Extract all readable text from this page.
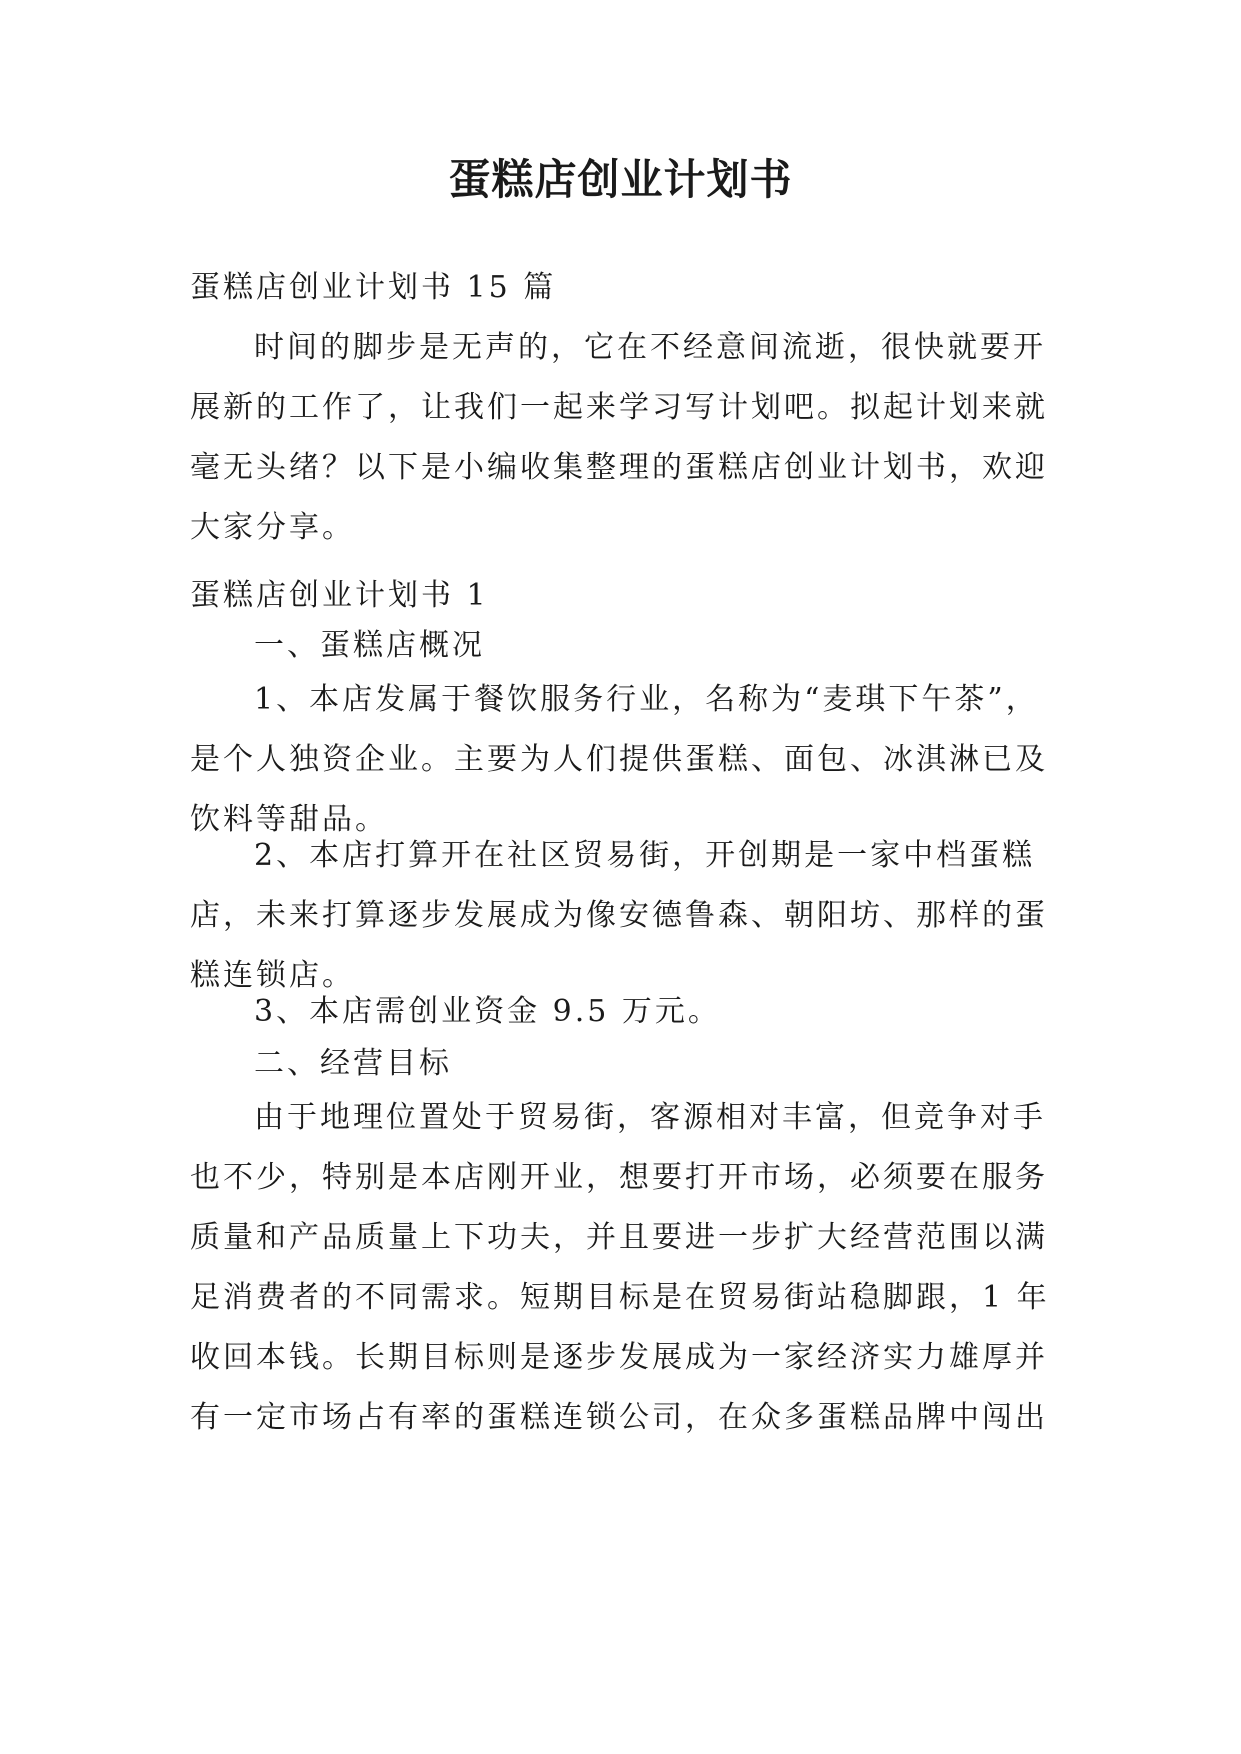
蛋糕店创业计划书

蛋糕店创业计划书 15 篇

时间的脚步是无声的，它在不经意间流逝，很快就要开展新的工作了，让我们一起来学习写计划吧。拟起计划来就毫无头绪？以下是小编收集整理的蛋糕店创业计划书，欢迎大家分享。

蛋糕店创业计划书 1

一、蛋糕店概况

1、本店发属于餐饮服务行业，名称为“麦琪下午茶”，是个人独资企业。主要为人们提供蛋糕、面包、冰淇淋已及饮料等甜品。

2、本店打算开在社区贸易街，开创期是一家中档蛋糕店，未来打算逐步发展成为像安德鲁森、朝阳坊、那样的蛋糕连锁店。

3、本店需创业资金 9.5 万元。

二、经营目标

由于地理位置处于贸易街，客源相对丰富，但竞争对手也不少，特别是本店刚开业，想要打开市场，必须要在服务质量和产品质量上下功夫，并且要进一步扩大经营范围以满足消费者的不同需求。短期目标是在贸易街站稳脚跟，1 年收回本钱。长期目标则是逐步发展成为一家经济实力雄厚并有一定市场占有率的蛋糕连锁公司，在众多蛋糕品牌中闯出
